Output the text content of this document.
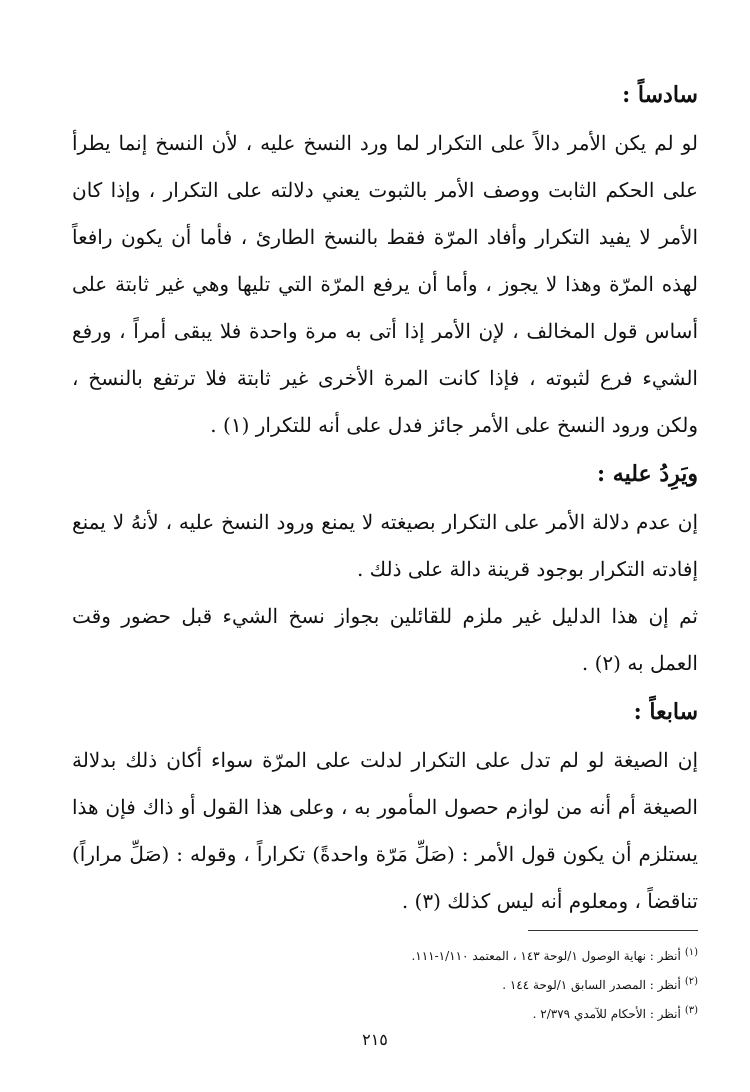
سادساً :

لو لم يكن الأمر دالاً على التكرار لما ورد النسخ عليه ، لأن النسخ إنما يطرأ على الحكم الثابت ووصف الأمر بالثبوت يعني دلالته على التكرار ، وإذا كان الأمر لا يفيد التكرار وأفاد المرّة فقط بالنسخ الطارئ ، فأما أن يكون رافعاً لهذه المرّة وهذا لا يجوز ، وأما أن يرفع المرّة التي تليها وهي غير ثابتة على أساس قول المخالف ، لإن الأمر إذا أتى به مرة واحدة فلا يبقى أمراً ، ورفع الشيء فرع لثبوته ، فإذا كانت المرة الأخرى غير ثابتة فلا ترتفع بالنسخ ، ولكن ورود النسخ على الأمر جائز فدل على أنه للتكرار (١) .

ويَرِدُ عليه :

إن عدم دلالة الأمر على التكرار بصيغته لا يمنع ورود النسخ عليه ، لأنهُ لا يمنع إفادته التكرار بوجود قرينة دالة على ذلك .

ثم إن هذا الدليل غير ملزم للقائلين بجواز نسخ الشيء قبل حضور وقت العمل به (٢) .

سابعاً :

إن الصيغة لو لم تدل على التكرار لدلت على المرّة سواء أكان ذلك بدلالة الصيغة أم أنه من لوازم حصول المأمور به ، وعلى هذا القول أو ذاك فإن هذا يستلزم أن يكون قول الأمر : (صَلِّ مَرّة واحدةً) تكراراً ، وقوله : (صَلِّ مراراً) تناقضاً ، ومعلوم أنه ليس كذلك (٣) .

$^{(١)}$أنظر : نهاية الوصول ١/لوحة ١٤٣ ، المعتمد ١/١١٠-١١١.

$^{(٢)}$أنظر : المصدر السابق ١/لوحة ١٤٤ .

$^{(٣)}$أنظر : الأحكام للآمدي ٢/٣٧٩ .

٢١٥
